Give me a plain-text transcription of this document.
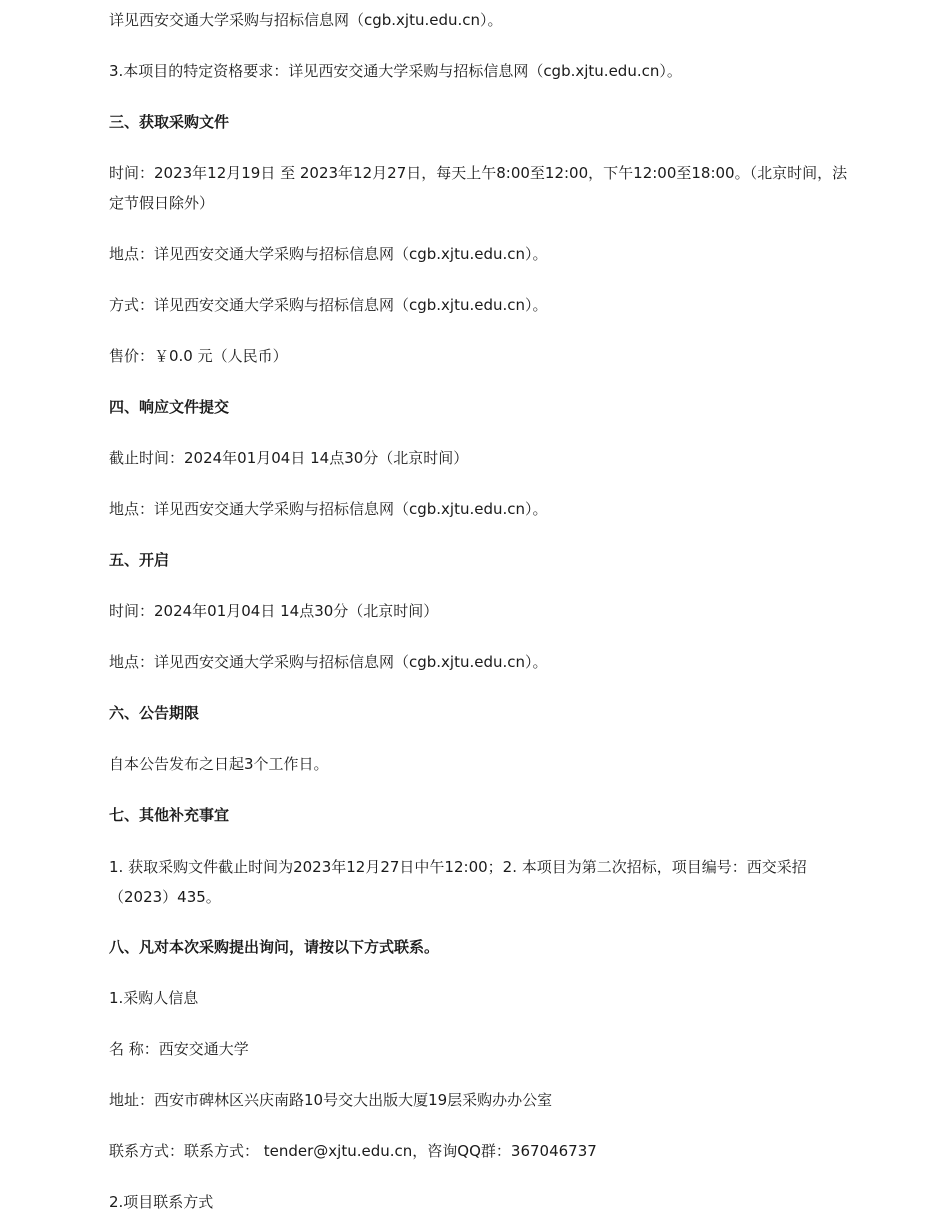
详见西安交通大学采购与招标信息网（cgb.xjtu.edu.cn）。

3.本项目的特定资格要求：详见西安交通大学采购与招标信息网（cgb.xjtu.edu.cn）。

三、获取采购文件

时间：2023年12月19日 至 2023年12月27日，每天上午8:00至12:00，下午12:00至18:00。（北京时间，法定节假日除外）

地点：详见西安交通大学采购与招标信息网（cgb.xjtu.edu.cn）。

方式：详见西安交通大学采购与招标信息网（cgb.xjtu.edu.cn）。

售价：￥0.0 元（人民币）

四、响应文件提交

截止时间：2024年01月04日 14点30分（北京时间）

地点：详见西安交通大学采购与招标信息网（cgb.xjtu.edu.cn）。

五、开启

时间：2024年01月04日 14点30分（北京时间）

地点：详见西安交通大学采购与招标信息网（cgb.xjtu.edu.cn）。

六、公告期限

自本公告发布之日起3个工作日。

七、其他补充事宜

1. 获取采购文件截止时间为2023年12月27日中午12:00；2. 本项目为第二次招标，项目编号：西交采招（2023）435。

八、凡对本次采购提出询问，请按以下方式联系。

1.采购人信息

名 称：西安交通大学

地址：西安市碑林区兴庆南路10号交大出版大厦19层采购办办公室

联系方式：联系方式： tender@xjtu.edu.cn，咨询QQ群：367046737

2.项目联系方式
